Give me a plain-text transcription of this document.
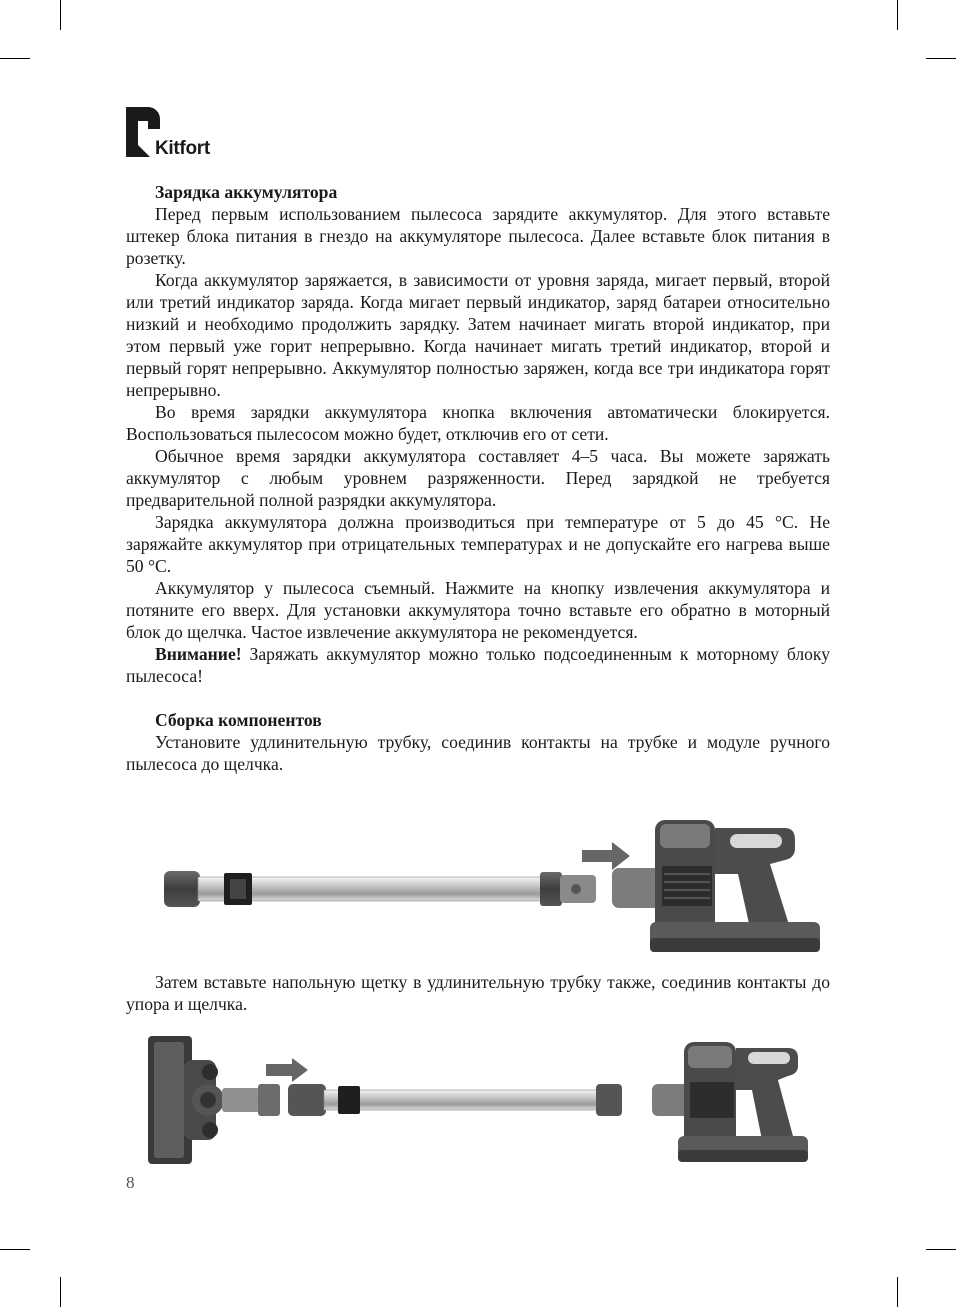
Kitfort
Зарядка аккумулятора

Перед первым использованием пылесоса зарядите аккумулятор. Для этого вставьте штекер блока питания в гнездо на аккумуляторе пылесоса. Далее вставьте блок питания в розетку.

Когда аккумулятор заряжается, в зависимости от уровня заряда, мигает первый, второй или третий индикатор заряда. Когда мигает первый индикатор, заряд батареи относительно низкий и необходимо продолжить зарядку. Затем начинает мигать второй индикатор, при этом первый уже горит непрерывно. Когда начинает мигать третий индикатор, второй и первый горят непрерывно. Аккумулятор полностью заряжен, когда все три индикатора горят непрерывно.

Во время зарядки аккумулятора кнопка включения автоматически блокируется. Воспользоваться пылесосом можно будет, отключив его от сети.

Обычное время зарядки аккумулятора составляет 4–5 часа. Вы можете заряжать аккумулятор с любым уровнем разряженности. Перед зарядкой не требуется предварительной полной разрядки аккумулятора.

Зарядка аккумулятора должна производиться при температуре от 5 до 45 °C. Не заряжайте аккумулятор при отрицательных температурах и не допускайте его нагрева выше 50 °C.

Аккумулятор у пылесоса съемный. Нажмите на кнопку извлечения аккумулятора и потяните его вверх. Для установки аккумулятора точно вставьте его обратно в моторный блок до щелчка. Частое извлечение аккумулятора не рекомендуется.

Внимание! Заряжать аккумулятор можно только подсоединенным к моторному блоку пылесоса!

Сборка компонентов

Установите удлинительную трубку, соединив контакты на трубке и модуле ручного пылесоса до щелчка.

Затем вставьте напольную щетку в удлинительную трубку также, соединив контакты до упора и щелчка.

8
